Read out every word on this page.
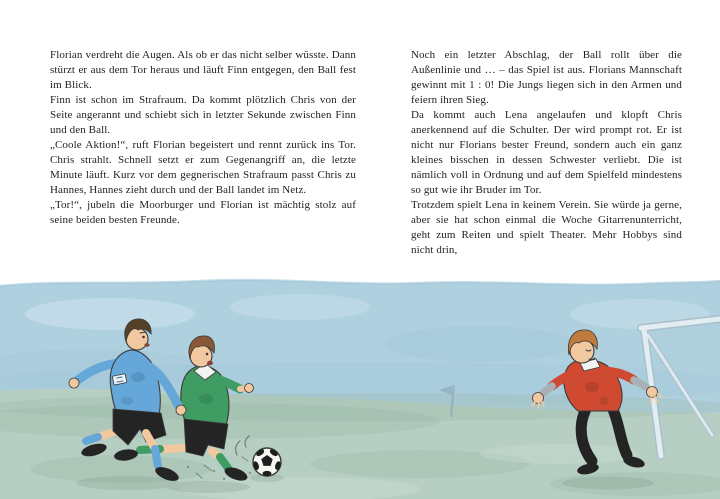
Florian verdreht die Augen. Als ob er das nicht selber wüsste. Dann stürzt er aus dem Tor heraus und läuft Finn entgegen, den Ball fest im Blick.

Finn ist schon im Strafraum. Da kommt plötzlich Chris von der Seite angerannt und schiebt sich in letzter Sekunde zwischen Finn und den Ball.

„Coole Aktion!“, ruft Florian begeistert und rennt zurück ins Tor. Chris strahlt. Schnell setzt er zum Gegenangriff an, die letzte Minute läuft. Kurz vor dem gegnerischen Strafraum passt Chris zu Hannes, Hannes zieht durch und der Ball landet im Netz.

„Tor!“, jubeln die Moorburger und Florian ist mächtig stolz auf seine beiden besten Freunde.

Noch ein letzter Abschlag, der Ball rollt über die Außenlinie und … – das Spiel ist aus. Florians Mannschaft gewinnt mit 1 : 0! Die Jungs liegen sich in den Armen und feiern ihren Sieg.

Da kommt auch Lena angelaufen und klopft Chris anerkennend auf die Schulter. Der wird prompt rot. Er ist nicht nur Florians bester Freund, sondern auch ein ganz kleines bisschen in dessen Schwester verliebt. Die ist nämlich voll in Ordnung und auf dem Spielfeld mindestens so gut wie ihr Bruder im Tor.

Trotzdem spielt Lena in keinem Verein. Sie würde ja gerne, aber sie hat schon einmal die Woche Gitarrenunterricht, geht zum Reiten und spielt Theater. Mehr Hobbys sind nicht drin,
